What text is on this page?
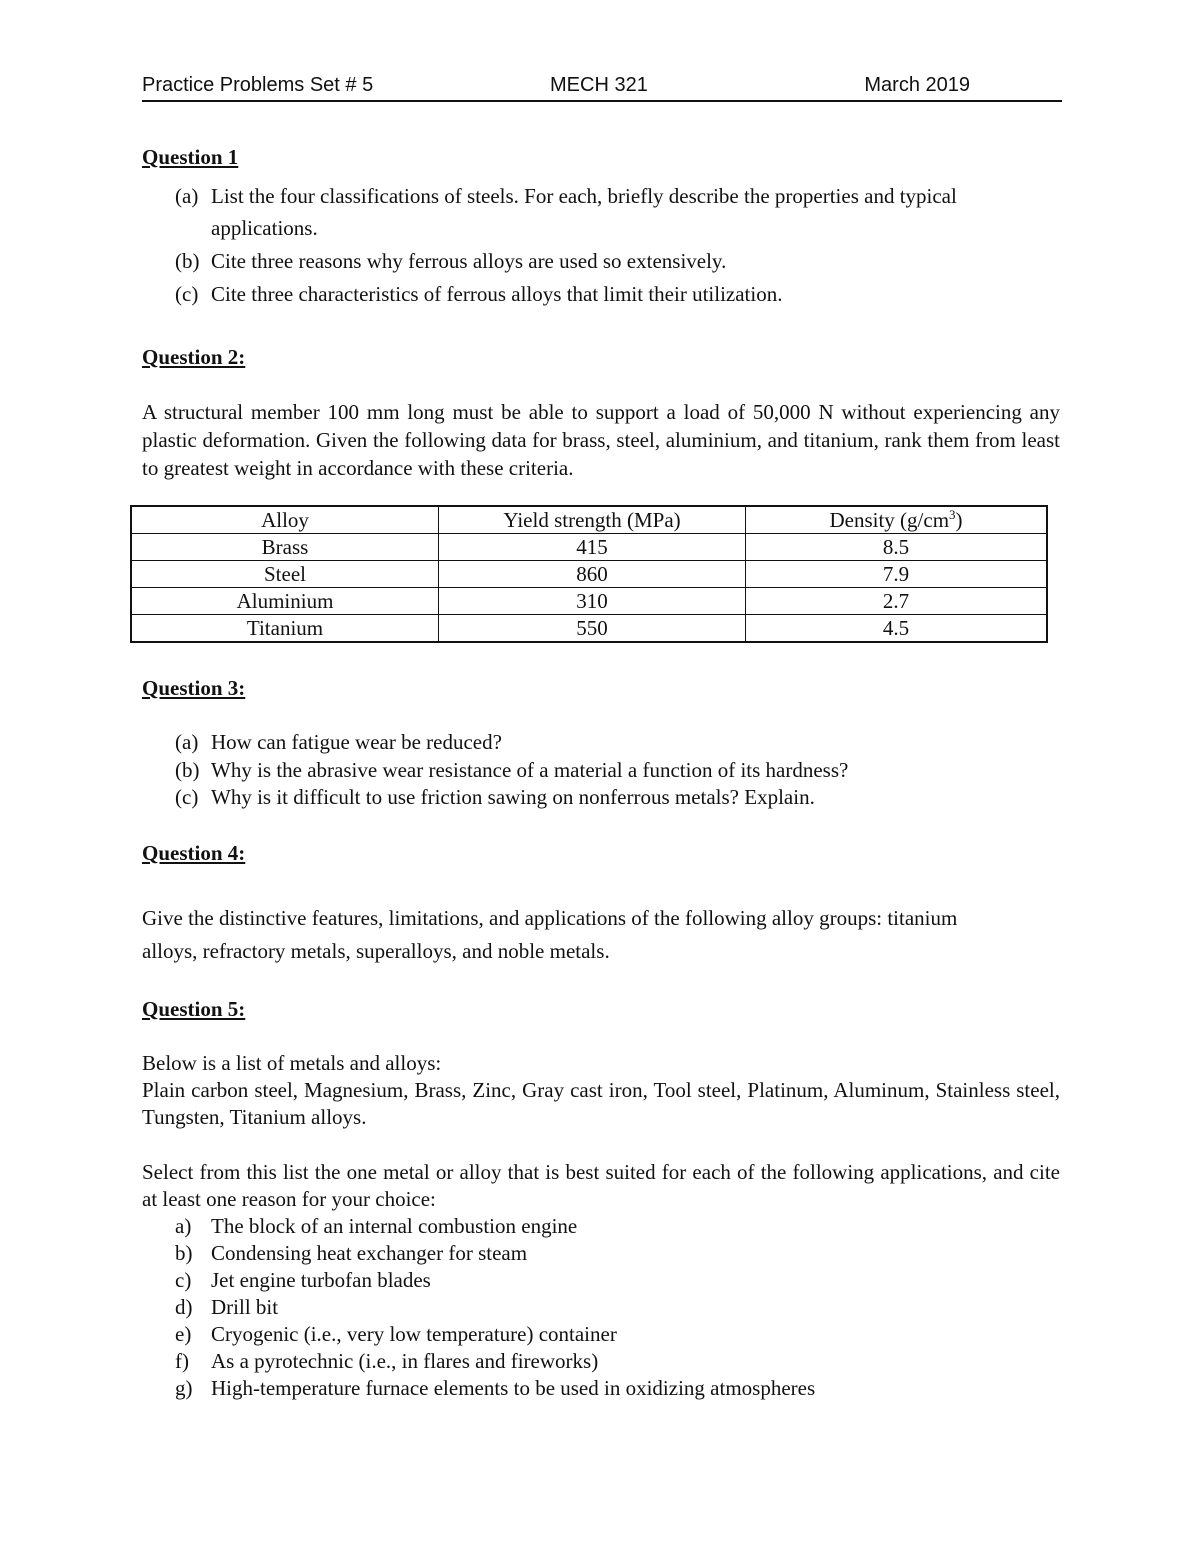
Practice Problems Set # 5	MECH 321	March 2019
Question 1
(a) List the four classifications of steels. For each, briefly describe the properties and typical
applications.
(b) Cite three reasons why ferrous alloys are used so extensively.
(c) Cite three characteristics of ferrous alloys that limit their utilization.
Question 2:
A structural member 100 mm long must be able to support a load of 50,000 N without experiencing any plastic deformation. Given the following data for brass, steel, aluminium, and titanium, rank them from least to greatest weight in accordance with these criteria.
Alloy	Yield strength (MPa)	Density $(g/cm^3)$
Brass	415	8.5
Steel	860	7.9
Aluminium	310	2.7
Titanium	550	4.5
Question 3:
(a) How can fatigue wear be reduced?
(b) Why is the abrasive wear resistance of a material a function of its hardness?
(c) Why is it difficult to use friction sawing on nonferrous metals? Explain.
Question 4:
Give the distinctive features, limitations, and applications of the following alloy groups: titanium
alloys, refractory metals, superalloys, and noble metals.
Question 5:
Below is a list of metals and alloys:
Plain carbon steel, Magnesium, Brass, Zinc, Gray cast iron, Tool steel, Platinum, Aluminum, Stainless steel, Tungsten, Titanium alloys.
Select from this list the one metal or alloy that is best suited for each of the following applications, and cite at least one reason for your choice:
a) The block of an internal combustion engine
b) Condensing heat exchanger for steam
c) Jet engine turbofan blades
d) Drill bit
e) Cryogenic (i.e., very low temperature) container
f) As a pyrotechnic (i.e., in flares and fireworks)
g) High-temperature furnace elements to be used in oxidizing atmospheres
